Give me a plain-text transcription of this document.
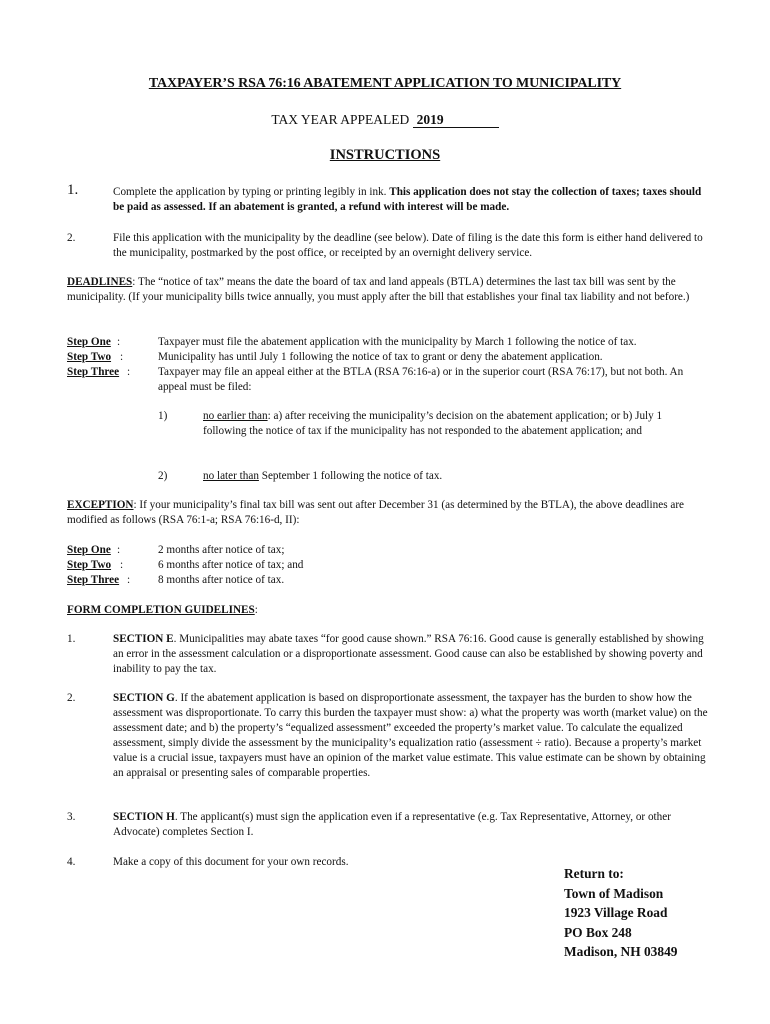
TAXPAYER’S RSA 76:16 ABATEMENT APPLICATION TO MUNICIPALITY
TAX YEAR APPEALED 2019
INSTRUCTIONS
1.	Complete the application by typing or printing legibly in ink. This application does not stay the collection of taxes; taxes should be paid as assessed. If an abatement is granted, a refund with interest will be made.
2.	File this application with the municipality by the deadline (see below). Date of filing is the date this form is either hand delivered to the municipality, postmarked by the post office, or receipted by an overnight delivery service.
DEADLINES: The “notice of tax” means the date the board of tax and land appeals (BTLA) determines the last tax bill was sent by the municipality. (If your municipality bills twice annually, you must apply after the bill that establishes your final tax liability and not before.)
Step One :	Taxpayer must file the abatement application with the municipality by March 1 following the notice of tax.
Step Two :	Municipality has until July 1 following the notice of tax to grant or deny the abatement application.
Step Three : Taxpayer may file an appeal either at the BTLA (RSA 76:16-a) or in the superior court (RSA 76:17), but not both. An appeal must be filed:
1)	no earlier than: a) after receiving the municipality’s decision on the abatement application; or b) July 1 following the notice of tax if the municipality has not responded to the abatement application; and
2)	no later than September 1 following the notice of tax.
EXCEPTION: If your municipality’s final tax bill was sent out after December 31 (as determined by the BTLA), the above deadlines are modified as follows (RSA 76:1-a; RSA 76:16-d, II):
Step One :	2 months after notice of tax;
Step Two :	6 months after notice of tax; and
Step Three : 8 months after notice of tax.
FORM COMPLETION GUIDELINES:
1.	SECTION E. Municipalities may abate taxes “for good cause shown.” RSA 76:16. Good cause is generally established by showing an error in the assessment calculation or a disproportionate assessment. Good cause can also be established by showing poverty and inability to pay the tax.
2.	SECTION G. If the abatement application is based on disproportionate assessment, the taxpayer has the burden to show how the assessment was disproportionate. To carry this burden the taxpayer must show: a) what the property was worth (market value) on the assessment date; and b) the property’s “equalized assessment” exceeded the property’s market value. To calculate the equalized assessment, simply divide the assessment by the municipality’s equalization ratio (assessment ÷ ratio). Because a property’s market value is a crucial issue, taxpayers must have an opinion of the market value estimate. This value estimate can be shown by obtaining an appraisal or presenting sales of comparable properties.
3.	SECTION H. The applicant(s) must sign the application even if a representative (e.g. Tax Representative, Attorney, or other Advocate) completes Section I.
4.	Make a copy of this document for your own records.
Return to:
Town of Madison
1923 Village Road
PO Box 248
Madison, NH 03849
